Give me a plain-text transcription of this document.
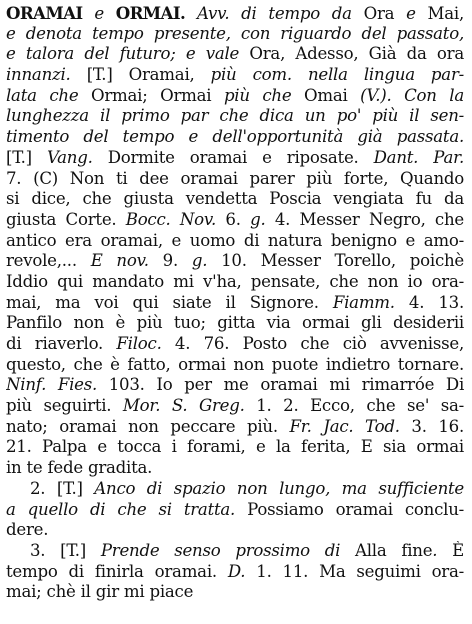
ORAMAI e ORMAI. Avv. di tempo da Ora e Mai,
e denota tempo presente, con riguardo del passato,
e talora del futuro; e vale Ora, Adesso, Già da ora
innanzi. [T.] Oramai, più com. nella lingua par-
lata che Ormai; Ormai più che Omai (V.). Con la
lunghezza il primo par che dica un po' più il sen-
timento del tempo e dell'opportunità già passata.
[T.] Vang. Dormite oramai e riposate. Dant. Par.
7. (C) Non ti dee oramai parer più forte, Quando
si dice, che giusta vendetta Poscia vengiata fu da
giusta Corte. Bocc. Nov. 6. g. 4. Messer Negro, che
antico era oramai, e uomo di natura benigno e amo-
revole,... E nov. 9. g. 10. Messer Torello, poichè
Iddio qui mandato mi v'ha, pensate, che non io ora-
mai, ma voi qui siate il Signore. Fiamm. 4. 13.
Panfilo non è più tuo; gitta via ormai gli desiderii
di riaverlo. Filoc. 4. 76. Posto che ciò avvenisse,
questo, che è fatto, ormai non puote indietro tornare.
Ninf. Fies. 103. Io per me oramai mi rimarróe Di
più seguirti. Mor. S. Greg. 1. 2. Ecco, che se' sa-
nato; oramai non peccare più. Fr. Jac. Tod. 3. 16.
21. Palpa e tocca i forami, e la ferita, E sia ormai
in te fede gradita.
2. [T.] Anco di spazio non lungo, ma sufficiente
a quello di che si tratta. Possiamo oramai conclu-
dere.
3. [T.] Prende senso prossimo di Alla fine. È
tempo di finirla oramai. D. 1. 11. Ma seguimi ora-
mai; chè il gir mi piace
